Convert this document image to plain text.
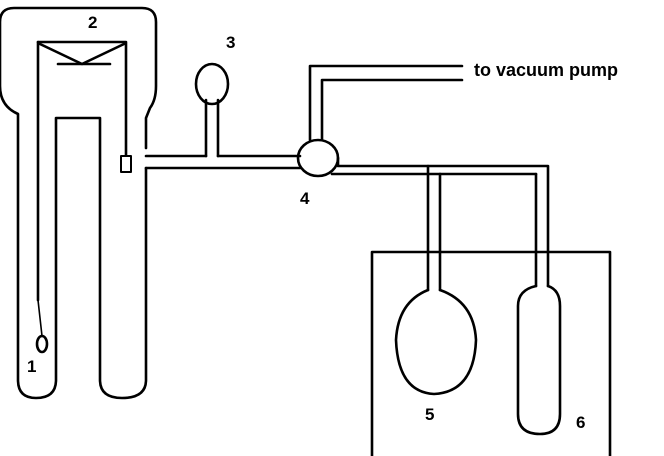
1
2
3
4
5	6
to vacuum pump
